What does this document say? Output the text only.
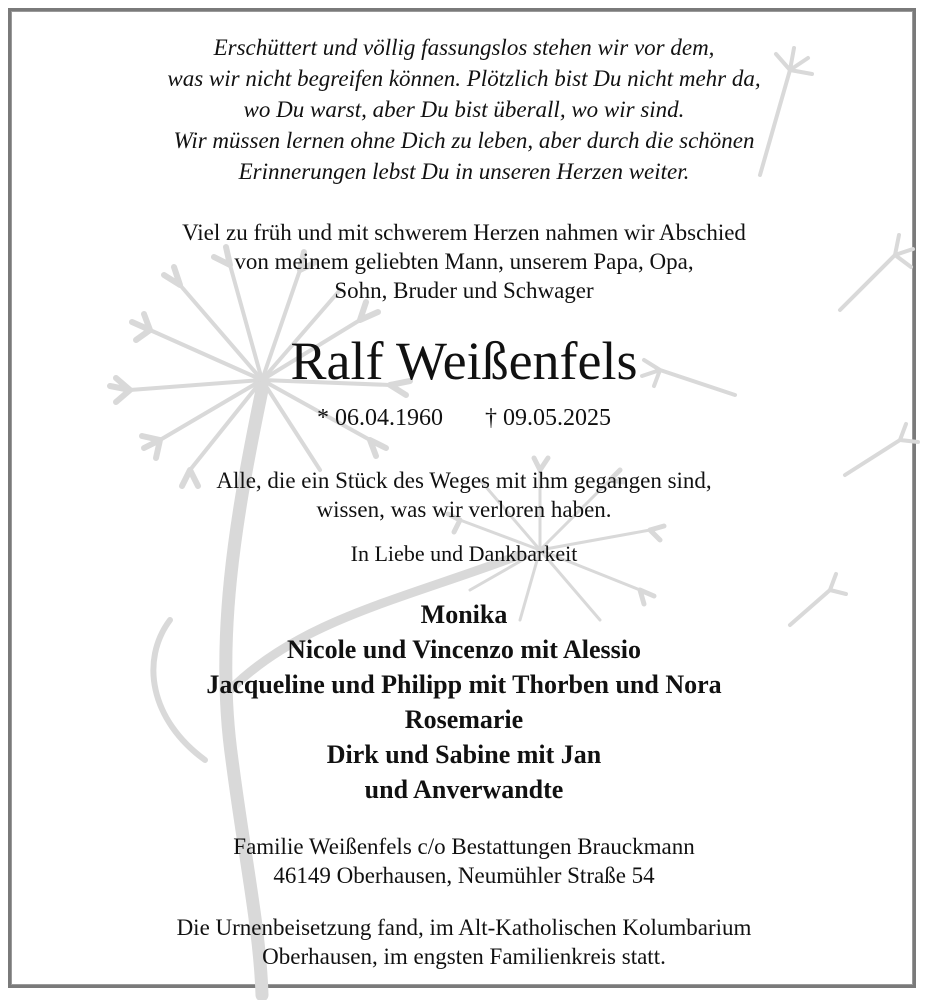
Erschüttert und völlig fassungslos stehen wir vor dem,
was wir nicht begreifen können. Plötzlich bist Du nicht mehr da,
wo Du warst, aber Du bist überall, wo wir sind.
Wir müssen lernen ohne Dich zu leben, aber durch die schönen
Erinnerungen lebst Du in unseren Herzen weiter.
Viel zu früh und mit schwerem Herzen nahmen wir Abschied
von meinem geliebten Mann, unserem Papa, Opa,
Sohn, Bruder und Schwager
Ralf Weißenfels
* 06.04.1960 † 09.05.2025
Alle, die ein Stück des Weges mit ihm gegangen sind,
wissen, was wir verloren haben.
In Liebe und Dankbarkeit
Monika
Nicole und Vincenzo mit Alessio
Jacqueline und Philipp mit Thorben und Nora
Rosemarie
Dirk und Sabine mit Jan
und Anverwandte
Familie Weißenfels c/o Bestattungen Brauckmann
46149 Oberhausen, Neumühler Straße 54
Die Urnenbeisetzung fand, im Alt-Katholischen Kolumbarium
Oberhausen, im engsten Familienkreis statt.
